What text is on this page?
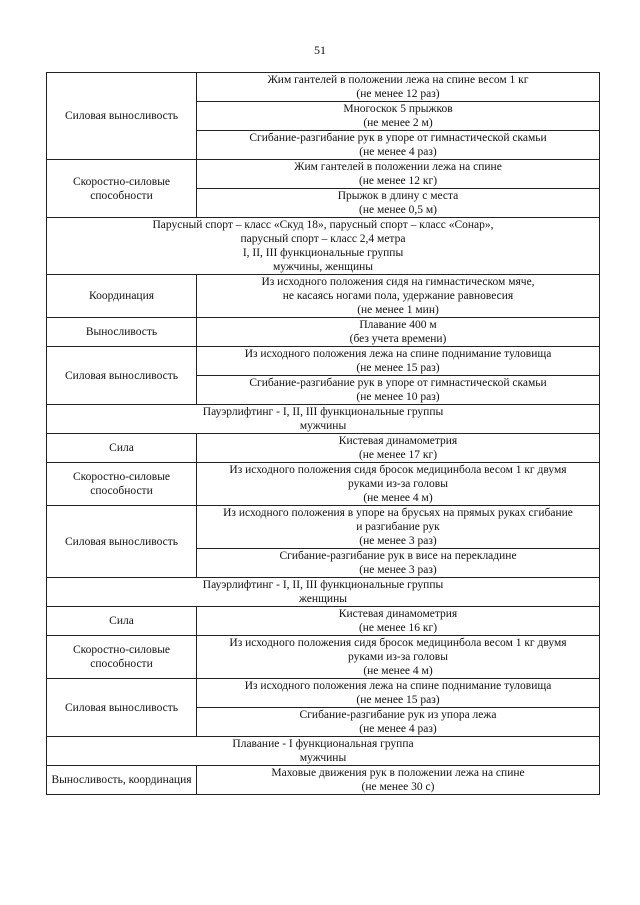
51
Силовая выносливость	Жим гантелей в положении лежа на спине весом 1 кг
(не менее 12 раз)

	Многоскок 5 прыжков
(не менее 2 м)

	Сгибание-разгибание рук в упоре от гимнастической скамьи
(не менее 4 раз)

Скоростно-силовые способности	Жим гантелей в положении лежа на спине
(не менее 12 кг)

	Прыжок в длину с места
(не менее 0,5 м)

Парусный спорт – класс «Скуд 18», парусный спорт – класс «Сонар»,
парусный спорт – класс 2,4 метра
I, II, III функциональные группы
мужчины, женщины	

Координация	Из исходного положения сидя на гимнастическом мяче,
не касаясь ногами пола, удержание равновесия
(не менее 1 мин)

Выносливость	Плавание 400 м
(без учета времени)

Силовая выносливость	Из исходного положения лежа на спине поднимание туловища
(не менее 15 раз)

	Сгибание-разгибание рук в упоре от гимнастической скамьи
(не менее 10 раз)

Пауэрлифтинг - I, II, III функциональные группы
мужчины	

Сила	Кистевая динамометрия
(не менее 17 кг)

Скоростно-силовые способности	Из исходного положения сидя бросок медицинбола весом 1 кг двумя
руками из-за головы
(не менее 4 м)

Силовая выносливость	Из исходного положения в упоре на брусьях на прямых руках сгибание
и разгибание рук
(не менее 3 раз)

	Сгибание-разгибание рук в висе на перекладине
(не менее 3 раз)

Пауэрлифтинг - I, II, III функциональные группы
женщины	

Сила	Кистевая динамометрия
(не менее 16 кг)

Скоростно-силовые способности	Из исходного положения сидя бросок медицинбола весом 1 кг двумя
руками из-за головы
(не менее 4 м)

Силовая выносливость	Из исходного положения лежа на спине поднимание туловища
(не менее 15 раз)

	Сгибание-разгибание рук из упора лежа
(не менее 4 раз)

Плавание - I функциональная группа
мужчины	

Выносливость, координация	Маховые движения рук в положении лежа на спине
(не менее 30 с)
